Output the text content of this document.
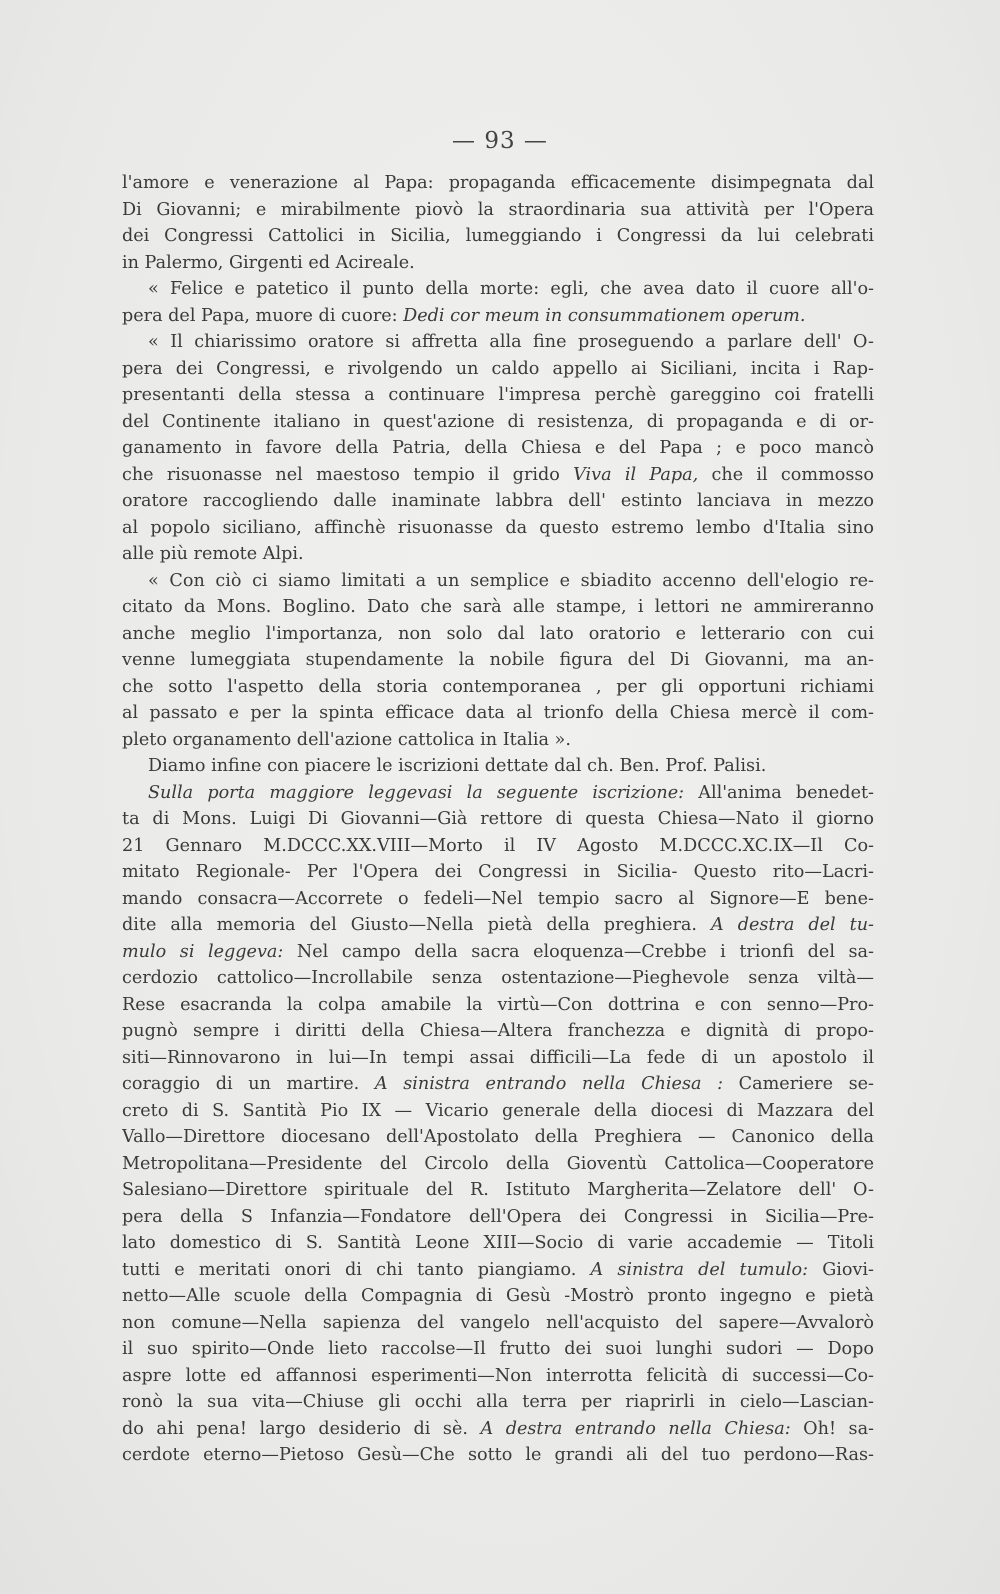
— 93 —
l'amore e venerazione al Papa: propaganda efficacemente disimpegnata dal
Di Giovanni; e mirabilmente piovò la straordinaria sua attività per l'Opera
dei Congressi Cattolici in Sicilia, lumeggiando i Congressi da lui celebrati
in Palermo, Girgenti ed Acireale.
« Felice e patetico il punto della morte: egli, che avea dato il cuore all'o-
pera del Papa, muore di cuore: Dedi cor meum in consummationem operum.
« Il chiarissimo oratore si affretta alla fine proseguendo a parlare dell' O-
pera dei Congressi, e rivolgendo un caldo appello ai Siciliani, incita i Rap-
presentanti della stessa a continuare l'impresa perchè gareggino coi fratelli
del Continente italiano in quest'azione di resistenza, di propaganda e di or-
ganamento in favore della Patria, della Chiesa e del Papa ; e poco mancò
che risuonasse nel maestoso tempio il grido Viva il Papa, che il commosso
oratore raccogliendo dalle inaminate labbra dell' estinto lanciava in mezzo
al popolo siciliano, affinchè risuonasse da questo estremo lembo d'Italia sino
alle più remote Alpi.
« Con ciò ci siamo limitati a un semplice e sbiadito accenno dell'elogio re-
citato da Mons. Boglino. Dato che sarà alle stampe, i lettori ne ammireranno
anche meglio l'importanza, non solo dal lato oratorio e letterario con cui
venne lumeggiata stupendamente la nobile figura del Di Giovanni, ma an-
che sotto l'aspetto della storia contemporanea , per gli opportuni richiami
al passato e per la spinta efficace data al trionfo della Chiesa mercè il com-
pleto organamento dell'azione cattolica in Italia ».
Diamo infine con piacere le iscrizioni dettate dal ch. Ben. Prof. Palisi.
Sulla porta maggiore leggevasi la seguente iscrizione: All'anima benedet-
ta di Mons. Luigi Di Giovanni—Già rettore di questa Chiesa—Nato il giorno
21 Gennaro M.DCCC.XX.VIII—Morto il IV Agosto M.DCCC.XC.IX—Il Co-
mitato Regionale- Per l'Opera dei Congressi in Sicilia- Questo rito—Lacri-
mando consacra—Accorrete o fedeli—Nel tempio sacro al Signore—E bene-
dite alla memoria del Giusto—Nella pietà della preghiera. A destra del tu-
mulo si leggeva: Nel campo della sacra eloquenza—Crebbe i trionfi del sa-
cerdozio cattolico—Incrollabile senza ostentazione—Pieghevole senza viltà—
Rese esacranda la colpa amabile la virtù—Con dottrina e con senno—Pro-
pugnò sempre i diritti della Chiesa—Altera franchezza e dignità di propo-
siti—Rinnovarono in lui—In tempi assai difficili—La fede di un apostolo il
coraggio di un martire. A sinistra entrando nella Chiesa : Cameriere se-
creto di S. Santità Pio IX — Vicario generale della diocesi di Mazzara del
Vallo—Direttore diocesano dell'Apostolato della Preghiera — Canonico della
Metropolitana—Presidente del Circolo della Gioventù Cattolica—Cooperatore
Salesiano—Direttore spirituale del R. Istituto Margherita—Zelatore dell' O-
pera della S Infanzia—Fondatore dell'Opera dei Congressi in Sicilia—Pre-
lato domestico di S. Santità Leone XIII—Socio di varie accademie — Titoli
tutti e meritati onori di chi tanto piangiamo. A sinistra del tumulo: Giovi-
netto—Alle scuole della Compagnia di Gesù -Mostrò pronto ingegno e pietà
non comune—Nella sapienza del vangelo nell'acquisto del sapere—Avvalorò
il suo spirito—Onde lieto raccolse—Il frutto dei suoi lunghi sudori — Dopo
aspre lotte ed affannosi esperimenti—Non interrotta felicità di successi—Co-
ronò la sua vita—Chiuse gli occhi alla terra per riaprirli in cielo—Lascian-
do ahi pena! largo desiderio di sè. A destra entrando nella Chiesa: Oh! sa-
cerdote eterno—Pietoso Gesù—Che sotto le grandi ali del tuo perdono—Ras-
